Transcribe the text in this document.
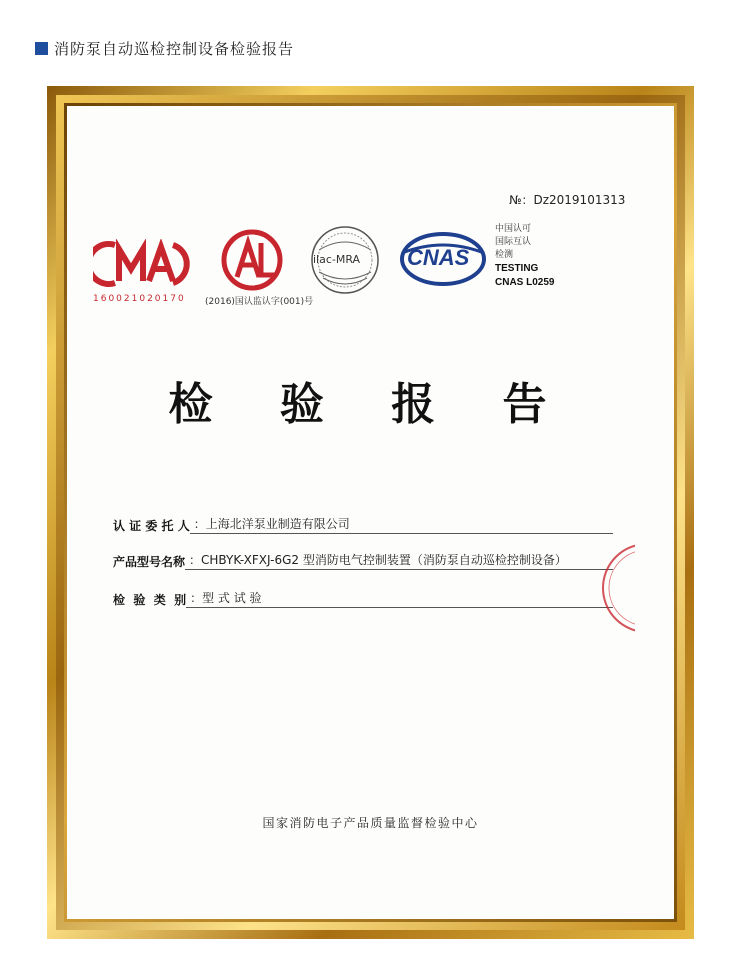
消防泵自动巡检控制设备检验报告
№：Dz2019101313
160021020170 (2016)国认监认字(001)号
ilac-MRA CNAS
中国认可
国际互认
检测
TESTING
CNAS L0259
检 验 报 告
认 证 委 托 人 ：上海北洋泵业制造有限公司
产品型号名称 ：CHBYK-XFXJ-6G2 型消防电气控制装置（消防泵自动巡检控制设备）
检  验  类  别 ：型 式 试 验
国家消防电子产品质量监督检验中心
